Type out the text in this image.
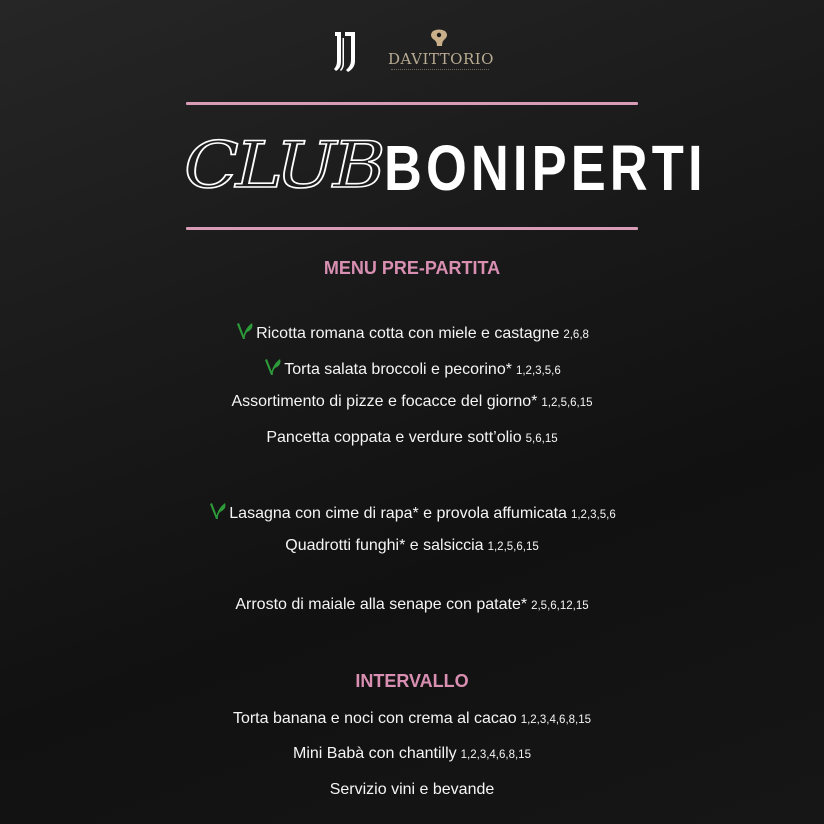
DAVITTORIO
CLUB BONIPERTI
MENU PRE-PARTITA
Ricotta romana cotta con miele e castagne 2,6,8
Torta salata broccoli e pecorino* 1,2,3,5,6
Assortimento di pizze e focacce del giorno* 1,2,5,6,15
Pancetta coppata e verdure sott’olio 5,6,15
Lasagna con cime di rapa* e provola affumicata 1,2,3,5,6
Quadrotti funghi* e salsiccia 1,2,5,6,15
Arrosto di maiale alla senape con patate* 2,5,6,12,15
INTERVALLO
Torta banana e noci con crema al cacao 1,2,3,4,6,8,15
Mini Babà con chantilly 1,2,3,4,6,8,15
Servizio vini e bevande
